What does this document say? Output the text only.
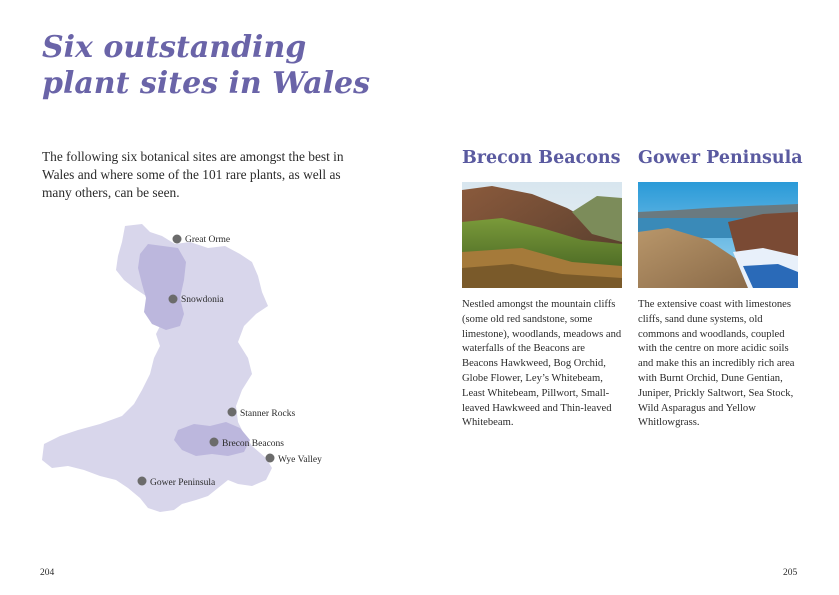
Six outstanding plant sites in Wales

The following six botanical sites are amongst the best in Wales and where some of the 101 rare plants, as well as many others, can be seen.

Great Orme
Snowdonia
Stanner Rocks
Brecon Beacons
Wye Valley
Gower Peninsula
Brecon Beacons

Nestled amongst the mountain cliffs (some old red sandstone, some limestone), woodlands, meadows and waterfalls of the Beacons are Beacons Hawkweed, Bog Orchid, Globe Flower, Ley’s Whitebeam, Least Whitebeam, Pillwort, Small-leaved Hawkweed and Thin-leaved Whitebeam.

Gower Peninsula

The extensive coast with limestones cliffs, sand dune systems, old commons and woodlands, coupled with the centre on more acidic soils and make this an incredibly rich area with Burnt Orchid, Dune Gentian, Juniper, Prickly Saltwort, Sea Stock, Wild Asparagus and Yellow Whitlowgrass.

204	205
